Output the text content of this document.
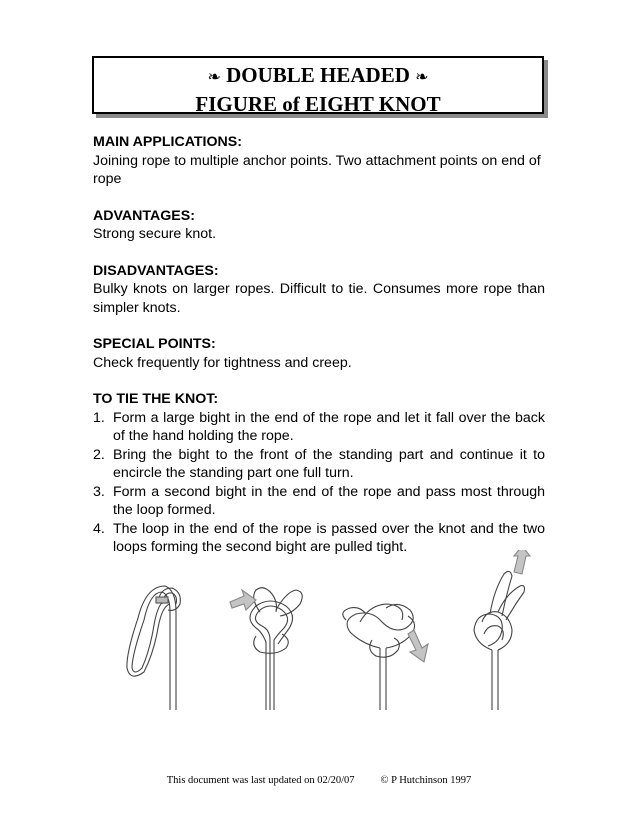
❧ DOUBLE HEADED ❧
FIGURE of EIGHT KNOT
MAIN APPLICATIONS:
Joining rope to multiple anchor points. Two attachment points on end of rope
ADVANTAGES:
Strong secure knot.
DISADVANTAGES:
Bulky knots on larger ropes. Difficult to tie. Consumes more rope than simpler knots.
SPECIAL POINTS:
Check frequently for tightness and creep.
TO TIE THE KNOT:
1. Form a large bight in the end of the rope and let it fall over the back of the hand holding the rope.
2. Bring the bight to the front of the standing part and continue it to encircle the standing part one full turn.
3. Form a second bight in the end of the rope and pass most through the loop formed.
4. The loop in the end of the rope is passed over the knot and the two loops forming the second bight are pulled tight.
This document was last updated on 02/20/07 © P Hutchinson 1997
